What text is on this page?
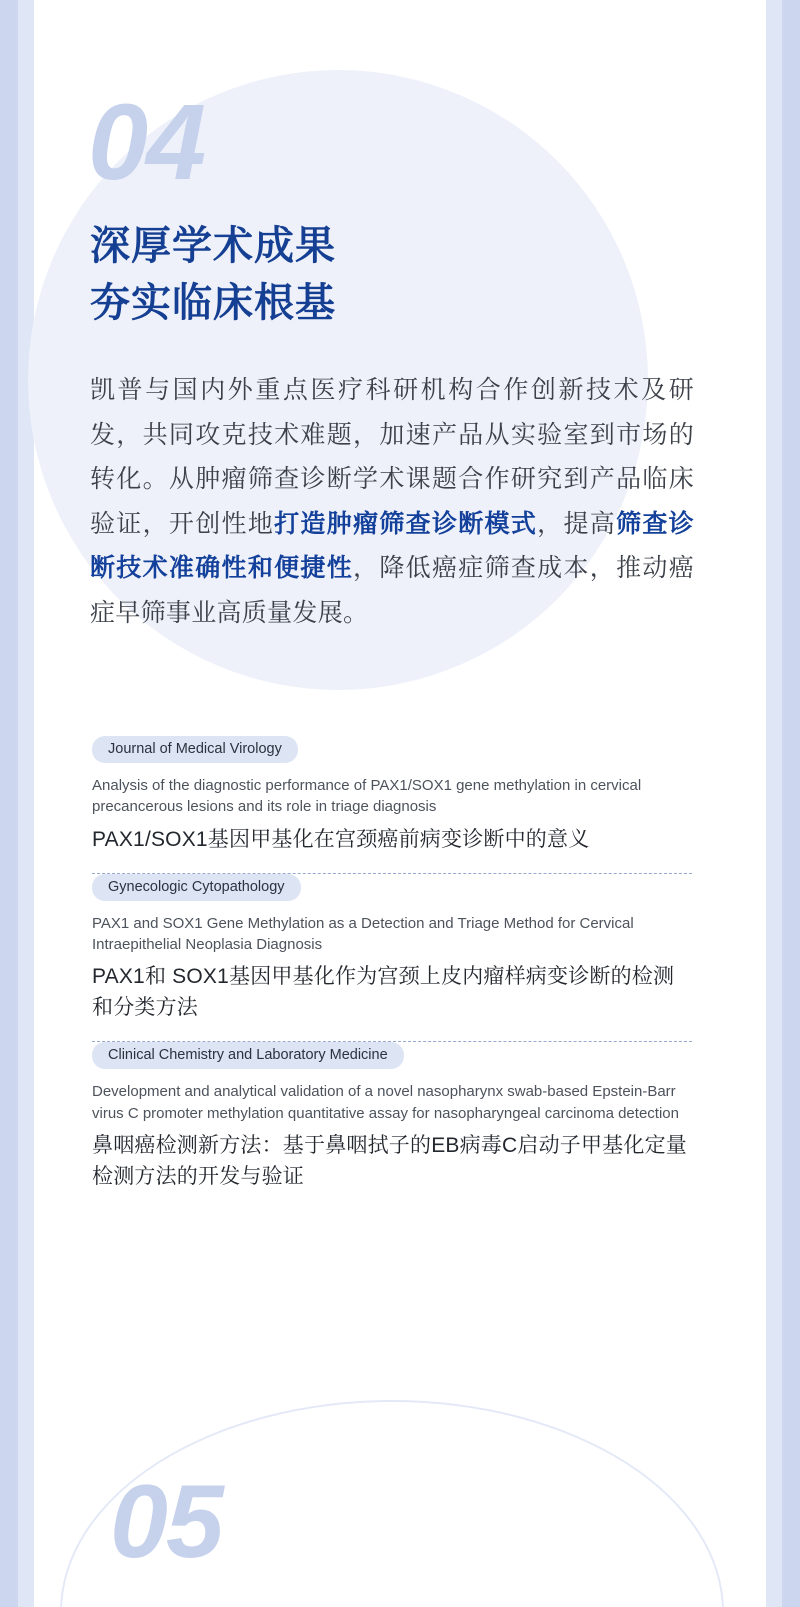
04
深厚学术成果
夯实临床根基
凯普与国内外重点医疗科研机构合作创新技术及研发，共同攻克技术难题，加速产品从实验室到市场的转化。从肿瘤筛查诊断学术课题合作研究到产品临床验证，开创性地打造肿瘤筛查诊断模式，提高筛查诊断技术准确性和便捷性，降低癌症筛查成本，推动癌症早筛事业高质量发展。
Journal of Medical Virology
Analysis of the diagnostic performance of PAX1/SOX1 gene methylation in cervical precancerous lesions and its role in triage diagnosis
PAX1/SOX1基因甲基化在宫颈癌前病变诊断中的意义
Gynecologic Cytopathology
PAX1 and SOX1 Gene Methylation as a Detection and Triage Method for Cervical Intraepithelial Neoplasia Diagnosis
PAX1和 SOX1基因甲基化作为宫颈上皮内瘤样病变诊断的检测和分类方法
Clinical Chemistry and Laboratory Medicine
Development and analytical validation of a novel nasopharynx swab-based Epstein-Barr virus C promoter methylation quantitative assay for nasopharyngeal carcinoma detection
鼻咽癌检测新方法：基于鼻咽拭子的EB病毒C启动子甲基化定量检测方法的开发与验证
05
